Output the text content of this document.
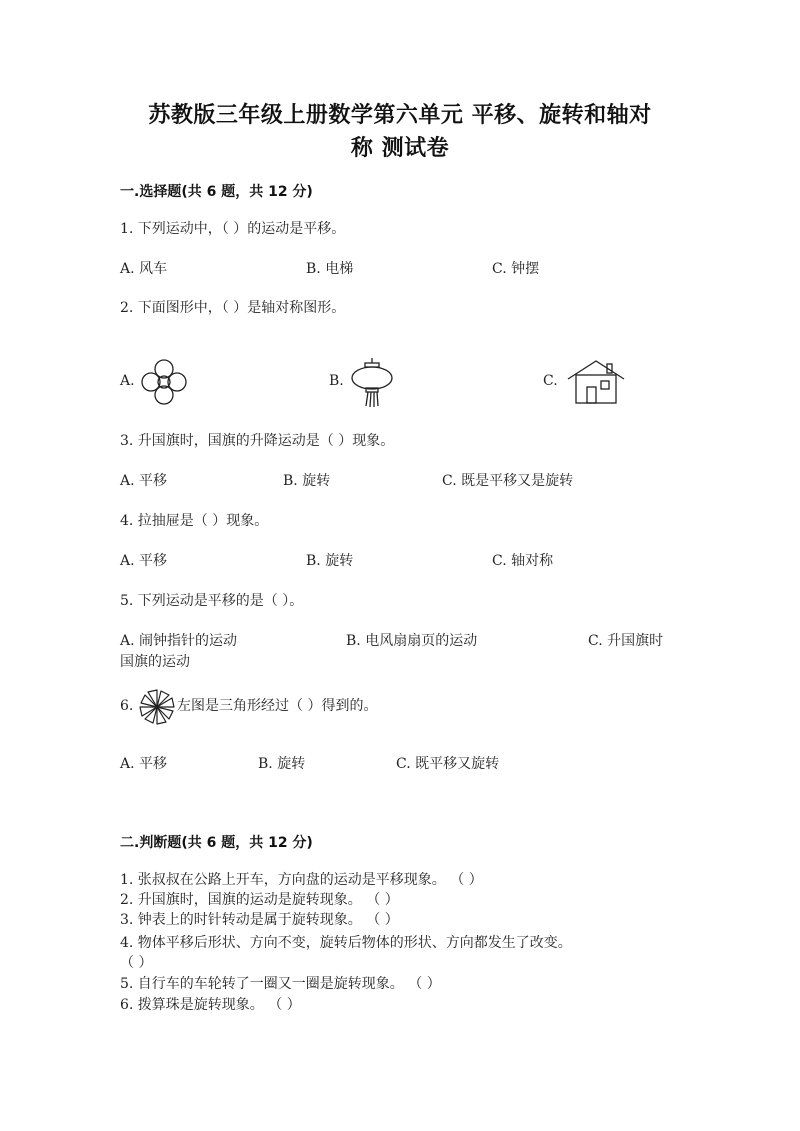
苏教版三年级上册数学第六单元 平移、旋转和轴对
称 测试卷
一.选择题(共 6 题，共 12 分)
1. 下列运动中，（ ）的运动是平移。
A. 风车	B. 电梯	C. 钟摆
2. 下面图形中，（ ）是轴对称图形。
A.	B.	C.
3. 升国旗时，国旗的升降运动是（ ）现象。
A. 平移	B. 旋转	C. 既是平移又是旋转
4. 拉抽屉是（ ）现象。
A. 平移	B. 旋转	C. 轴对称
5. 下列运动是平移的是（ ）。
A. 闹钟指针的运动	B. 电风扇扇页的运动	C. 升国旗时
国旗的运动
6.	左图是三角形经过（ ）得到的。
A. 平移	B. 旋转	C. 既平移又旋转
二.判断题(共 6 题，共 12 分)
1. 张叔叔在公路上开车，方向盘的运动是平移现象。 （ ）
2. 升国旗时，国旗的运动是旋转现象。 （ ）
3. 钟表上的时针转动是属于旋转现象。 （ ）
4. 物体平移后形状、方向不变，旋转后物体的形状、方向都发生了改变。
（ ）
5. 自行车的车轮转了一圈又一圈是旋转现象。 （ ）
6. 拨算珠是旋转现象。 （ ）
